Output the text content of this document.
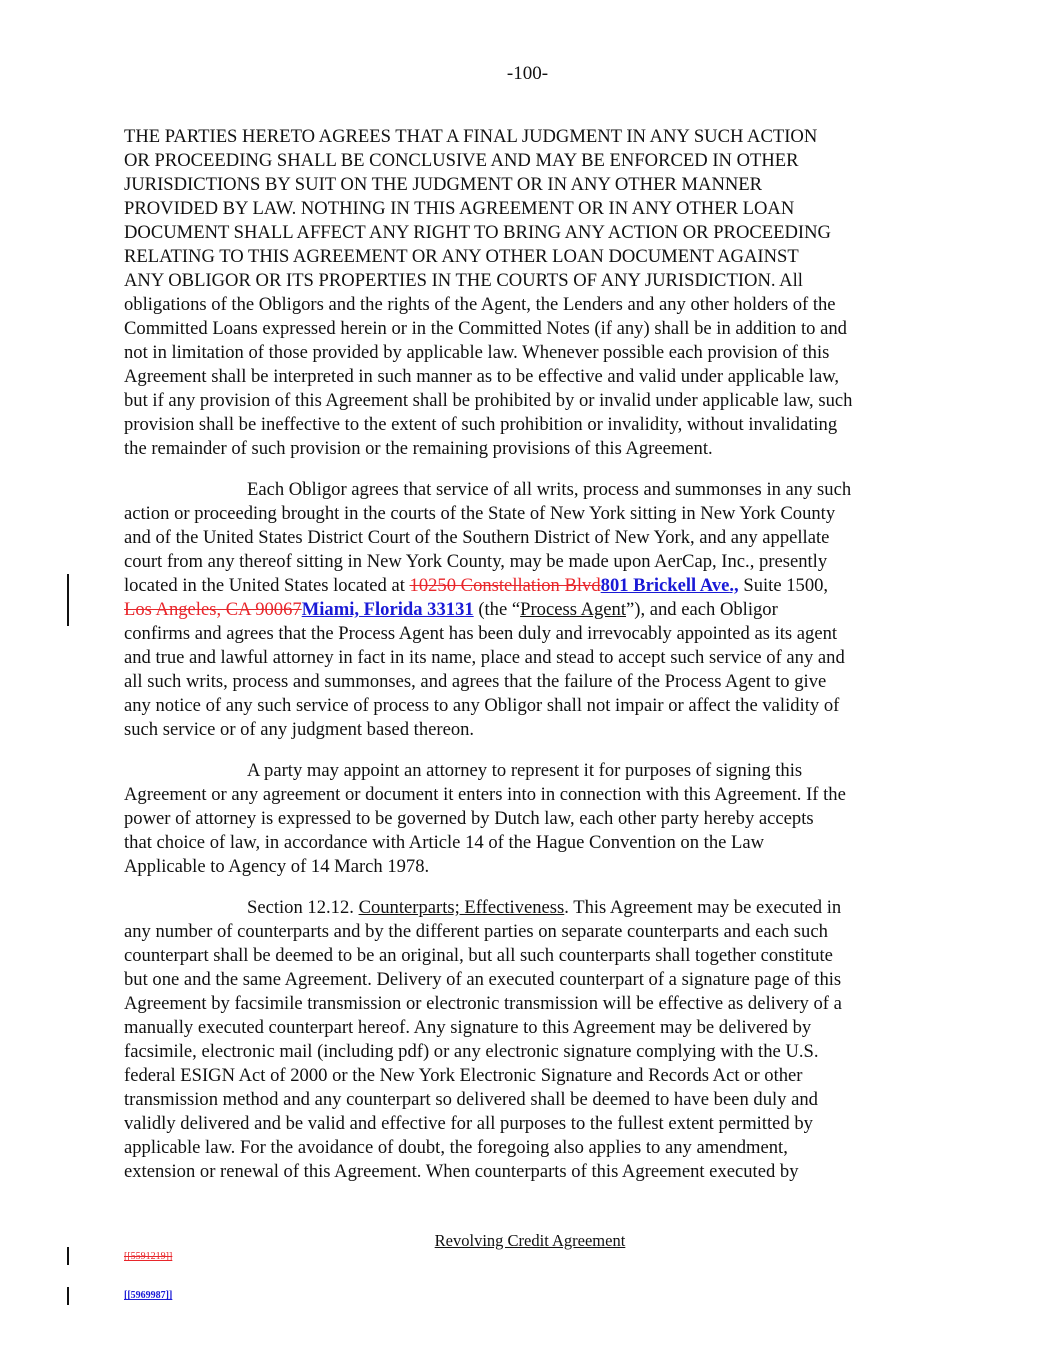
-100-

THE PARTIES HERETO AGREES THAT A FINAL JUDGMENT IN ANY SUCH ACTION
OR PROCEEDING SHALL BE CONCLUSIVE AND MAY BE ENFORCED IN OTHER
JURISDICTIONS BY SUIT ON THE JUDGMENT OR IN ANY OTHER MANNER
PROVIDED BY LAW. NOTHING IN THIS AGREEMENT OR IN ANY OTHER LOAN
DOCUMENT SHALL AFFECT ANY RIGHT TO BRING ANY ACTION OR PROCEEDING
RELATING TO THIS AGREEMENT OR ANY OTHER LOAN DOCUMENT AGAINST
ANY OBLIGOR OR ITS PROPERTIES IN THE COURTS OF ANY JURISDICTION. All
obligations of the Obligors and the rights of the Agent, the Lenders and any other holders of the
Committed Loans expressed herein or in the Committed Notes (if any) shall be in addition to and
not in limitation of those provided by applicable law. Whenever possible each provision of this
Agreement shall be interpreted in such manner as to be effective and valid under applicable law,
but if any provision of this Agreement shall be prohibited by or invalid under applicable law, such
provision shall be ineffective to the extent of such prohibition or invalidity, without invalidating
the remainder of such provision or the remaining provisions of this Agreement.

Each Obligor agrees that service of all writs, process and summonses in any such
action or proceeding brought in the courts of the State of New York sitting in New York County
and of the United States District Court of the Southern District of New York, and any appellate
court from any thereof sitting in New York County, may be made upon AerCap, Inc., presently
located in the United States located at 10250 Constellation Blvd801 Brickell Ave., Suite 1500,
Los Angeles, CA 90067Miami, Florida 33131 (the “Process Agent”), and each Obligor
confirms and agrees that the Process Agent has been duly and irrevocably appointed as its agent
and true and lawful attorney in fact in its name, place and stead to accept such service of any and
all such writs, process and summonses, and agrees that the failure of the Process Agent to give
any notice of any such service of process to any Obligor shall not impair or affect the validity of
such service or of any judgment based thereon.

A party may appoint an attorney to represent it for purposes of signing this
Agreement or any agreement or document it enters into in connection with this Agreement. If the
power of attorney is expressed to be governed by Dutch law, each other party hereby accepts
that choice of law, in accordance with Article 14 of the Hague Convention on the Law
Applicable to Agency of 14 March 1978.

Section 12.12. Counterparts; Effectiveness. This Agreement may be executed in
any number of counterparts and by the different parties on separate counterparts and each such
counterpart shall be deemed to be an original, but all such counterparts shall together constitute
but one and the same Agreement. Delivery of an executed counterpart of a signature page of this
Agreement by facsimile transmission or electronic transmission will be effective as delivery of a
manually executed counterpart hereof. Any signature to this Agreement may be delivered by
facsimile, electronic mail (including pdf) or any electronic signature complying with the U.S.
federal ESIGN Act of 2000 or the New York Electronic Signature and Records Act or other
transmission method and any counterpart so delivered shall be deemed to have been duly and
validly delivered and be valid and effective for all purposes to the fullest extent permitted by
applicable law. For the avoidance of doubt, the foregoing also applies to any amendment,
extension or renewal of this Agreement. When counterparts of this Agreement executed by

Revolving Credit Agreement
[[5591219]]
[[5969987]]
